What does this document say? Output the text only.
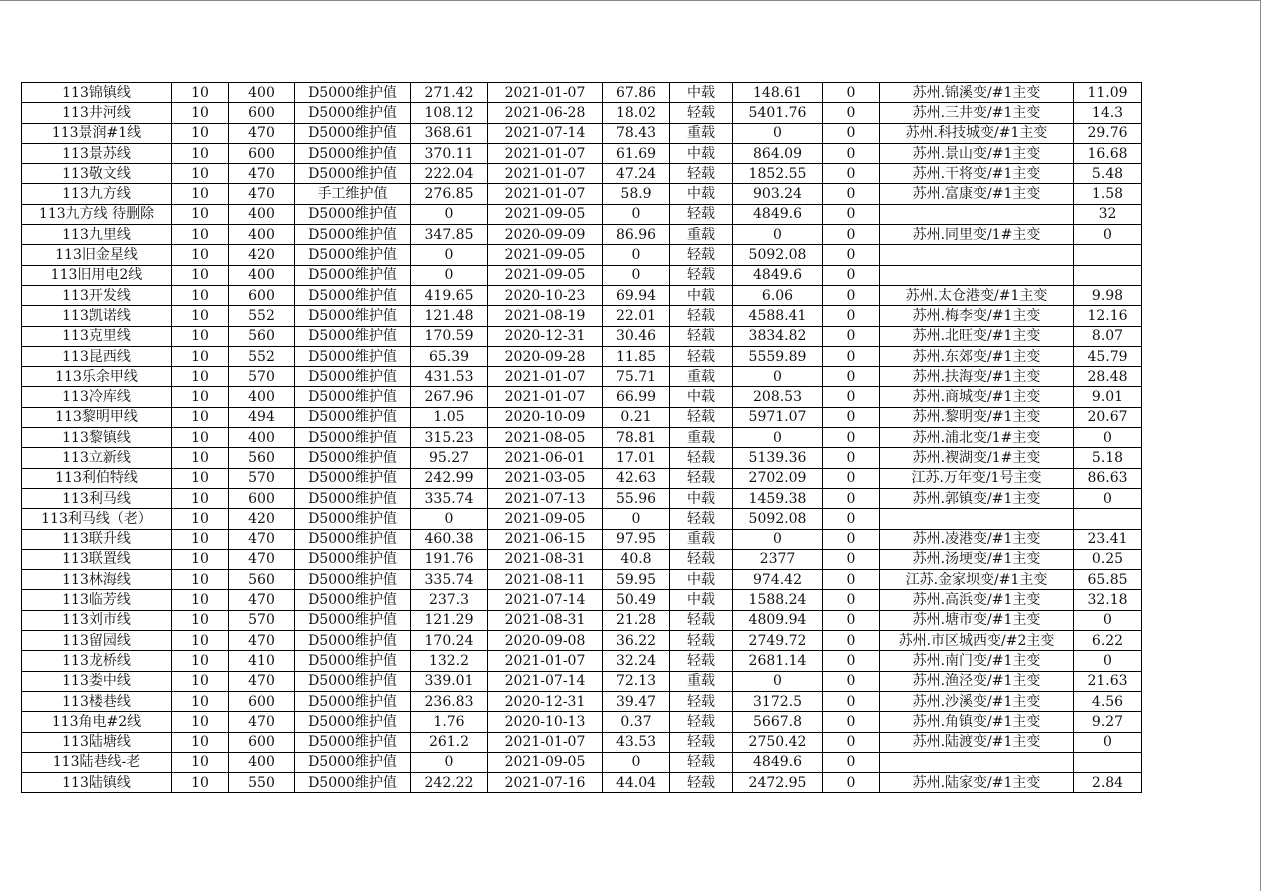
113锦镇线	10	400	D5000维护值	271.42	2021-01-07	67.86	中载	148.61	0	苏州.锦溪变/#1主变	11.09
113井河线	10	600	D5000维护值	108.12	2021-06-28	18.02	轻载	5401.76	0	苏州.三井变/#1主变	14.3
113景润#1线	10	470	D5000维护值	368.61	2021-07-14	78.43	重载	0	0	苏州.科技城变/#1主变	29.76
113景苏线	10	600	D5000维护值	370.11	2021-01-07	61.69	中载	864.09	0	苏州.景山变/#1主变	16.68
113敬文线	10	470	D5000维护值	222.04	2021-01-07	47.24	轻载	1852.55	0	苏州.干将变/#1主变	5.48
113九方线	10	470	手工维护值	276.85	2021-01-07	58.9	中载	903.24	0	苏州.富康变/#1主变	1.58
113九方线 待删除	10	400	D5000维护值	0	2021-09-05	0	轻载	4849.6	0		32
113九里线	10	400	D5000维护值	347.85	2020-09-09	86.96	重载	0	0	苏州.同里变/1#主变	0
113旧金星线	10	420	D5000维护值	0	2021-09-05	0	轻载	5092.08	0		
113旧用电2线	10	400	D5000维护值	0	2021-09-05	0	轻载	4849.6	0		
113开发线	10	600	D5000维护值	419.65	2020-10-23	69.94	中载	6.06	0	苏州.太仓港变/#1主变	9.98
113凯诺线	10	552	D5000维护值	121.48	2021-08-19	22.01	轻载	4588.41	0	苏州.梅李变/#1主变	12.16
113克里线	10	560	D5000维护值	170.59	2020-12-31	30.46	轻载	3834.82	0	苏州.北旺变/#1主变	8.07
113昆西线	10	552	D5000维护值	65.39	2020-09-28	11.85	轻载	5559.89	0	苏州.东郊变/#1主变	45.79
113乐余甲线	10	570	D5000维护值	431.53	2021-01-07	75.71	重载	0	0	苏州.扶海变/#1主变	28.48
113冷库线	10	400	D5000维护值	267.96	2021-01-07	66.99	中载	208.53	0	苏州.商城变/#1主变	9.01
113黎明甲线	10	494	D5000维护值	1.05	2020-10-09	0.21	轻载	5971.07	0	苏州.黎明变/#1主变	20.67
113黎镇线	10	400	D5000维护值	315.23	2021-08-05	78.81	重载	0	0	苏州.浦北变/1#主变	0
113立新线	10	560	D5000维护值	95.27	2021-06-01	17.01	轻载	5139.36	0	苏州.褉湖变/1#主变	5.18
113利伯特线	10	570	D5000维护值	242.99	2021-03-05	42.63	轻载	2702.09	0	江苏.万年变/1号主变	86.63
113利马线	10	600	D5000维护值	335.74	2021-07-13	55.96	中载	1459.38	0	苏州.郭镇变/#1主变	0
113利马线（老）	10	420	D5000维护值	0	2021-09-05	0	轻载	5092.08	0		
113联升线	10	470	D5000维护值	460.38	2021-06-15	97.95	重载	0	0	苏州.凌港变/#1主变	23.41
113联置线	10	470	D5000维护值	191.76	2021-08-31	40.8	轻载	2377	0	苏州.汤埂变/#1主变	0.25
113林海线	10	560	D5000维护值	335.74	2021-08-11	59.95	中载	974.42	0	江苏.金家坝变/#1主变	65.85
113临芳线	10	470	D5000维护值	237.3	2021-07-14	50.49	中载	1588.24	0	苏州.高浜变/#1主变	32.18
113刘市线	10	570	D5000维护值	121.29	2021-08-31	21.28	轻载	4809.94	0	苏州.塘市变/#1主变	0
113留园线	10	470	D5000维护值	170.24	2020-09-08	36.22	轻载	2749.72	0	苏州.市区城西变/#2主变	6.22
113龙桥线	10	410	D5000维护值	132.2	2021-01-07	32.24	轻载	2681.14	0	苏州.南门变/#1主变	0
113娄中线	10	470	D5000维护值	339.01	2021-07-14	72.13	重载	0	0	苏州.渔泾变/#1主变	21.63
113楼巷线	10	600	D5000维护值	236.83	2020-12-31	39.47	轻载	3172.5	0	苏州.沙溪变/#1主变	4.56
113角电#2线	10	470	D5000维护值	1.76	2020-10-13	0.37	轻载	5667.8	0	苏州.角镇变/#1主变	9.27
113陆塘线	10	600	D5000维护值	261.2	2021-01-07	43.53	轻载	2750.42	0	苏州.陆渡变/#1主变	0
113陆巷线-老	10	400	D5000维护值	0	2021-09-05	0	轻载	4849.6	0		
113陆镇线	10	550	D5000维护值	242.22	2021-07-16	44.04	轻载	2472.95	0	苏州.陆家变/#1主变	2.84
